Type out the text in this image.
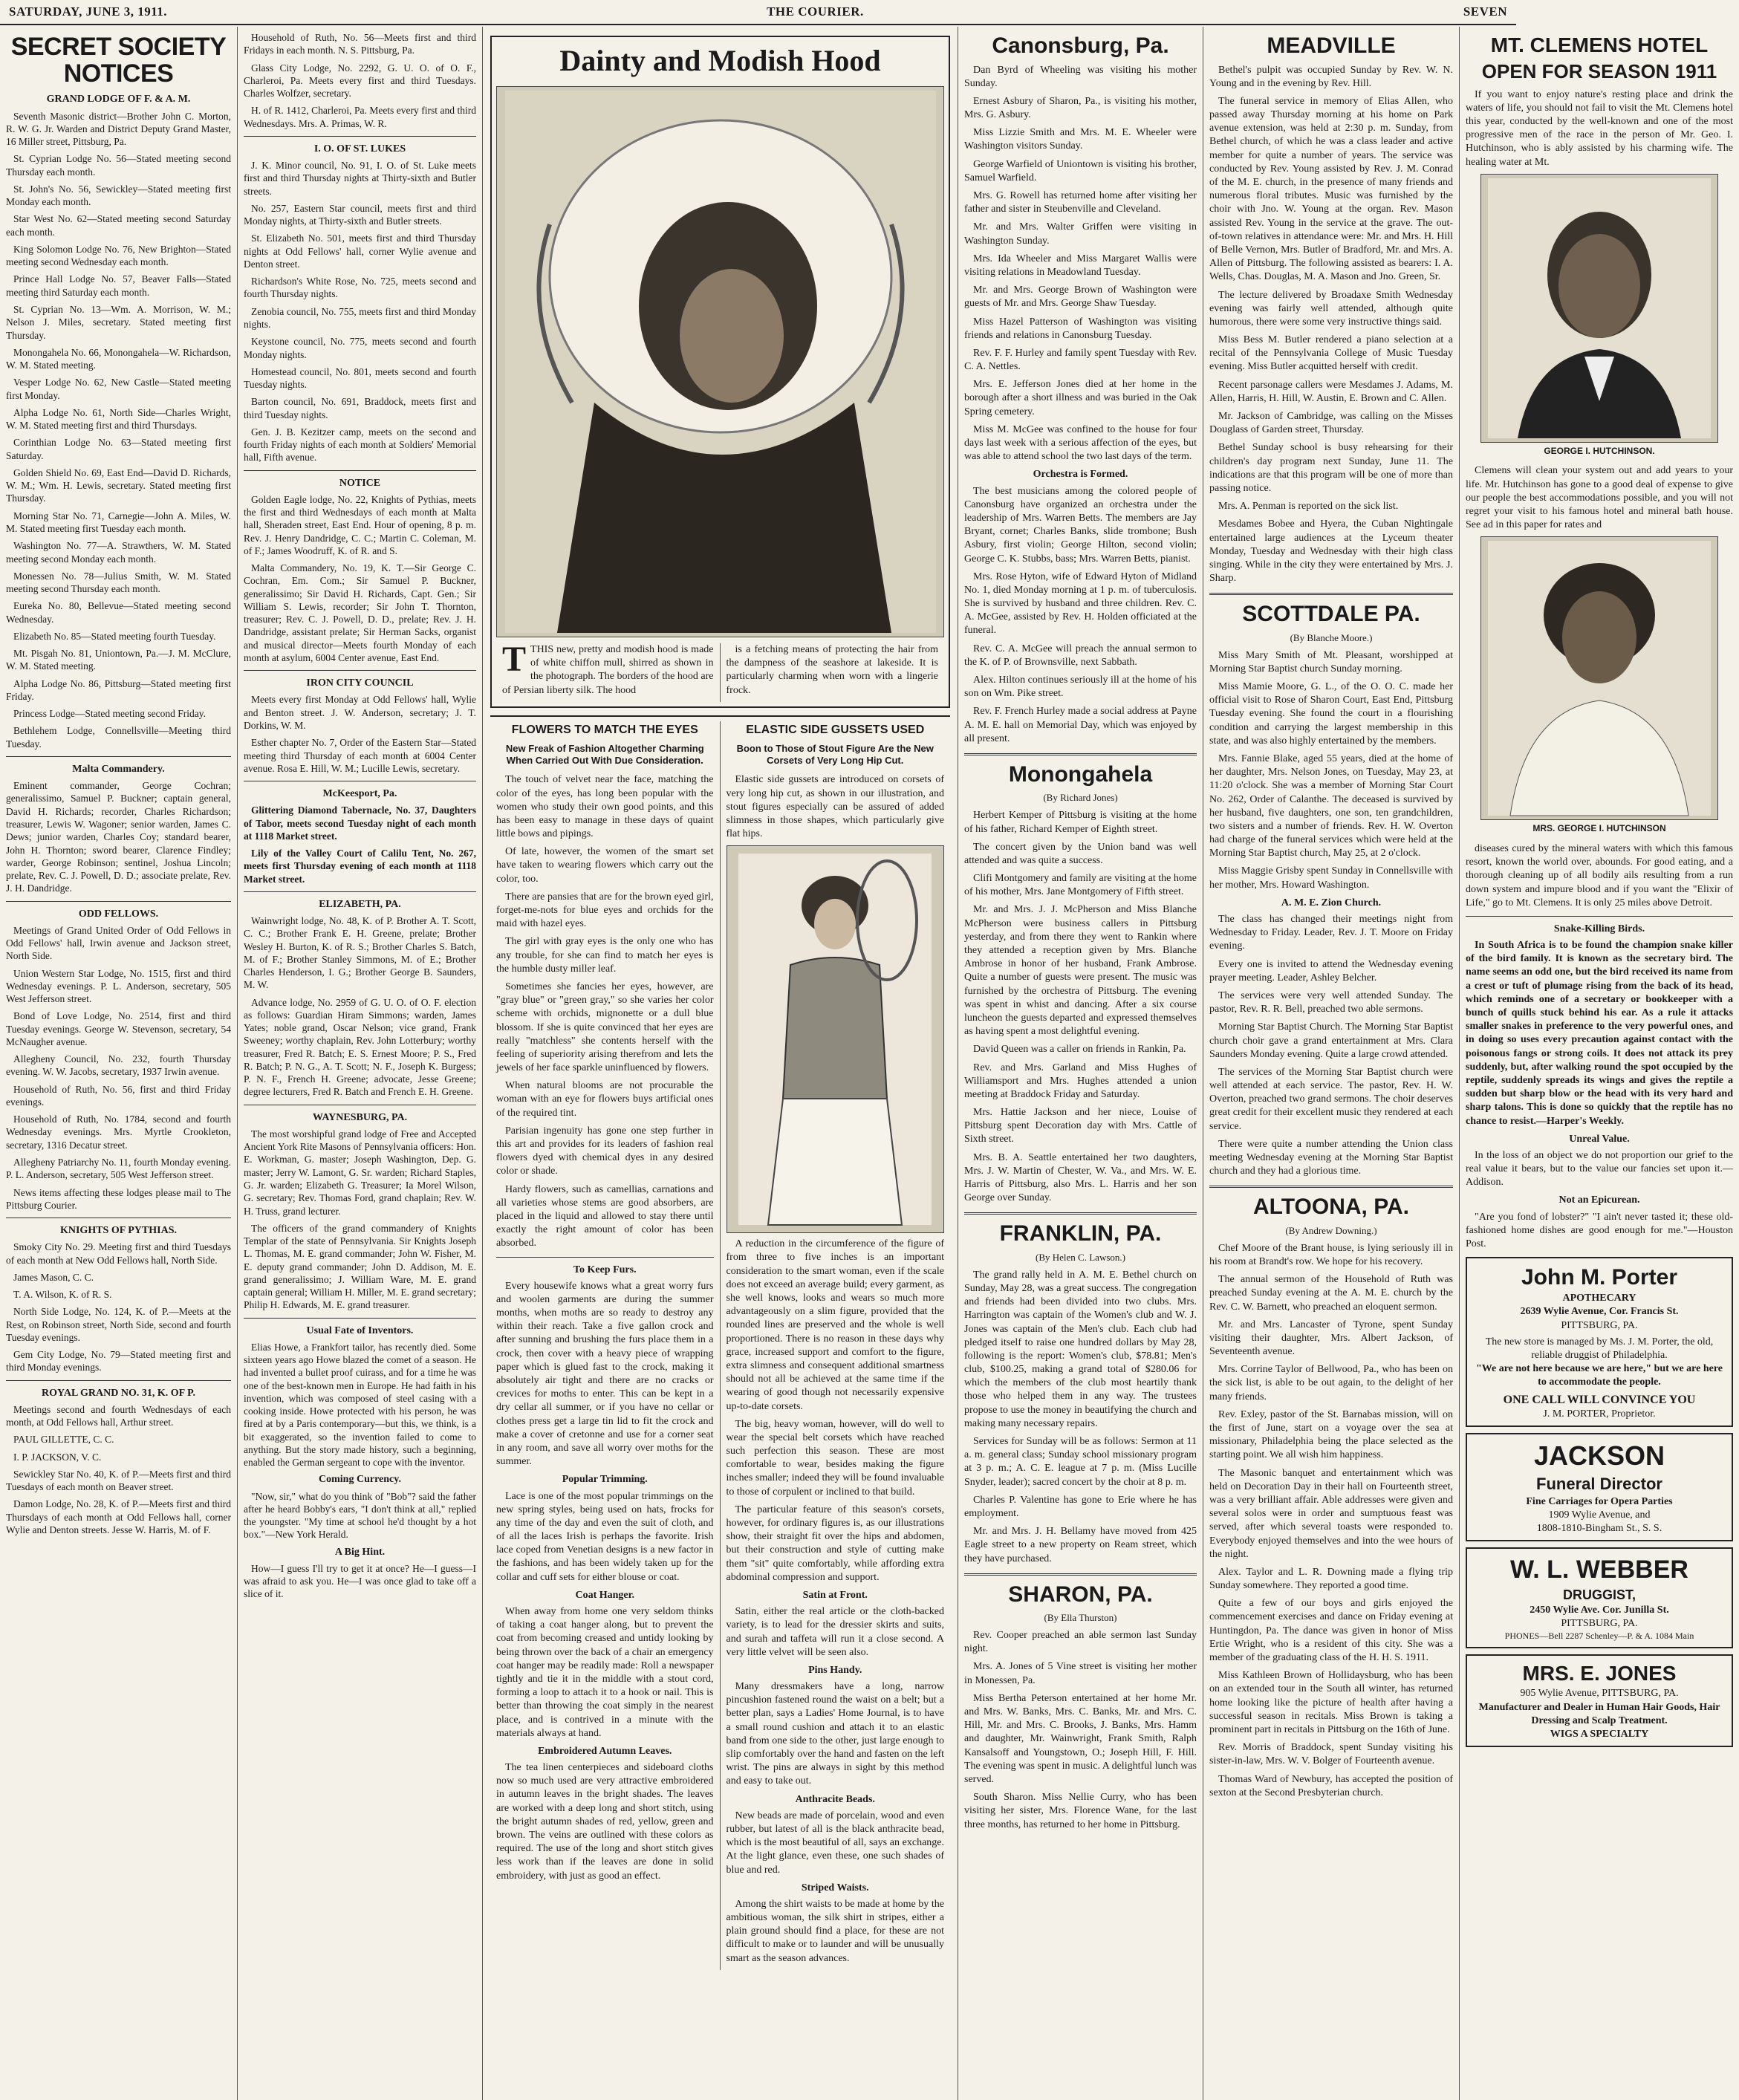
SATURDAY, JUNE 3, 1911.	THE COURIER.	SEVEN
SECRET SOCIETY NOTICES
GRAND LODGE OF F. & A. M.

Seventh Masonic district—Brother John C. Morton, R. W. G. Jr. Warden and District Deputy Grand Master, 16 Miller street, Pittsburg, Pa.

St. Cyprian Lodge No. 56—Stated meeting second Thursday each month.

St. John's No. 56, Sewickley—Stated meeting first Monday each month.

Star West No. 62—Stated meeting second Saturday each month.

King Solomon Lodge No. 76, New Brighton—Stated meeting second Wednesday each month.

Prince Hall Lodge No. 57, Beaver Falls—Stated meeting third Saturday each month.

St. Cyprian No. 13—Wm. A. Morrison, W. M.; Nelson J. Miles, secretary. Stated meeting first Thursday.

Monongahela No. 66, Monongahela—W. Richardson, W. M. Stated meeting.

Vesper Lodge No. 62, New Castle—Stated meeting first Monday.

Alpha Lodge No. 61, North Side—Charles Wright, W. M. Stated meeting first and third Thursdays.

Corinthian Lodge No. 63—Stated meeting first Saturday.

Golden Shield No. 69, East End—David D. Richards, W. M.; Wm. H. Lewis, secretary. Stated meeting first Thursday.

Morning Star No. 71, Carnegie—John A. Miles, W. M. Stated meeting first Tuesday each month.

Washington No. 77—A. Strawthers, W. M. Stated meeting second Monday each month.

Monessen No. 78—Julius Smith, W. M. Stated meeting second Thursday each month.

Eureka No. 80, Bellevue—Stated meeting second Wednesday.

Elizabeth No. 85—Stated meeting fourth Tuesday.

Mt. Pisgah No. 81, Uniontown, Pa.—J. M. McClure, W. M. Stated meeting.

Alpha Lodge No. 86, Pittsburg—Stated meeting first Friday.

Princess Lodge—Stated meeting second Friday.

Bethlehem Lodge, Connellsville—Meeting third Tuesday.

Malta Commandery.

Eminent commander, George Cochran; generalissimo, Samuel P. Buckner; captain general, David H. Richards; recorder, Charles Richardson; treasurer, Lewis W. Wagoner; senior warden, James C. Dews; junior warden, Charles Coy; standard bearer, John H. Thornton; sword bearer, Clarence Findley; warder, George Robinson; sentinel, Joshua Lincoln; prelate, Rev. C. J. Powell, D. D.; associate prelate, Rev. J. H. Dandridge.

ODD FELLOWS.

Meetings of Grand United Order of Odd Fellows in Odd Fellows' hall, Irwin avenue and Jackson street, North Side.

Union Western Star Lodge, No. 1515, first and third Wednesday evenings. P. L. Anderson, secretary, 505 West Jefferson street.

Bond of Love Lodge, No. 2514, first and third Tuesday evenings. George W. Stevenson, secretary, 54 McNaugher avenue.

Allegheny Council, No. 232, fourth Thursday evening. W. W. Jacobs, secretary, 1937 Irwin avenue.

Household of Ruth, No. 56, first and third Friday evenings.

Household of Ruth, No. 1784, second and fourth Wednesday evenings. Mrs. Myrtle Crookleton, secretary, 1316 Decatur street.

Allegheny Patriarchy No. 11, fourth Monday evening. P. L. Anderson, secretary, 505 West Jefferson street.

News items affecting these lodges please mail to The Pittsburg Courier.

KNIGHTS OF PYTHIAS.

Smoky City No. 29. Meeting first and third Tuesdays of each month at New Odd Fellows hall, North Side.

James Mason, C. C.

T. A. Wilson, K. of R. S.

North Side Lodge, No. 124, K. of P.—Meets at the Rest, on Robinson street, North Side, second and fourth Tuesday evenings.

Gem City Lodge, No. 79—Stated meeting first and third Monday evenings.

ROYAL GRAND NO. 31, K. OF P.

Meetings second and fourth Wednesdays of each month, at Odd Fellows hall, Arthur street.

PAUL GILLETTE, C. C.

I. P. JACKSON, V. C.

Sewickley Star No. 40, K. of P.—Meets first and third Tuesdays of each month on Beaver street.

Damon Lodge, No. 28, K. of P.—Meets first and third Thursdays of each month at Odd Fellows hall, corner Wylie and Denton streets. Jesse W. Harris, M. of F.

Household of Ruth, No. 56—Meets first and third Fridays in each month. N. S. Pittsburg, Pa.

Glass City Lodge, No. 2292, G. U. O. of O. F., Charleroi, Pa. Meets every first and third Tuesdays. Charles Wolfzer, secretary.

H. of R. 1412, Charleroi, Pa. Meets every first and third Wednesdays. Mrs. A. Primas, W. R.

I. O. OF ST. LUKES

J. K. Minor council, No. 91, I. O. of St. Luke meets first and third Thursday nights at Thirty-sixth and Butler streets.

No. 257, Eastern Star council, meets first and third Monday nights, at Thirty-sixth and Butler streets.

St. Elizabeth No. 501, meets first and third Thursday nights at Odd Fellows' hall, corner Wylie avenue and Denton street.

Richardson's White Rose, No. 725, meets second and fourth Thursday nights.

Zenobia council, No. 755, meets first and third Monday nights.

Keystone council, No. 775, meets second and fourth Monday nights.

Homestead council, No. 801, meets second and fourth Tuesday nights.

Barton council, No. 691, Braddock, meets first and third Tuesday nights.

Gen. J. B. Kezitzer camp, meets on the second and fourth Friday nights of each month at Soldiers' Memorial hall, Fifth avenue.

NOTICE

Golden Eagle lodge, No. 22, Knights of Pythias, meets the first and third Wednesdays of each month at Malta hall, Sheraden street, East End. Hour of opening, 8 p. m. Rev. J. Henry Dandridge, C. C.; Martin C. Coleman, M. of F.; James Woodruff, K. of R. and S.

Malta Commandery, No. 19, K. T.—Sir George C. Cochran, Em. Com.; Sir Samuel P. Buckner, generalissimo; Sir David H. Richards, Capt. Gen.; Sir William S. Lewis, recorder; Sir John T. Thornton, treasurer; Rev. C. J. Powell, D. D., prelate; Rev. J. H. Dandridge, assistant prelate; Sir Herman Sacks, organist and musical director—Meets fourth Monday of each month at asylum, 6004 Center avenue, East End.

IRON CITY COUNCIL

Meets every first Monday at Odd Fellows' hall, Wylie and Benton street. J. W. Anderson, secretary; J. T. Dorkins, W. M.

Esther chapter No. 7, Order of the Eastern Star—Stated meeting third Thursday of each month at 6004 Center avenue. Rosa E. Hill, W. M.; Lucille Lewis, secretary.

McKeesport, Pa.

Glittering Diamond Tabernacle, No. 37, Daughters of Tabor, meets second Tuesday night of each month at 1118 Market street.

Lily of the Valley Court of Calilu Tent, No. 267, meets first Thursday evening of each month at 1118 Market street.

ELIZABETH, PA.

Wainwright lodge, No. 48, K. of P. Brother A. T. Scott, C. C.; Brother Frank E. H. Greene, prelate; Brother Wesley H. Burton, K. of R. S.; Brother Charles S. Batch, M. of F.; Brother Stanley Simmons, M. of E.; Brother Charles Henderson, I. G.; Brother George B. Saunders, M. W.

Advance lodge, No. 2959 of G. U. O. of O. F. election as follows: Guardian Hiram Simmons; warden, James Yates; noble grand, Oscar Nelson; vice grand, Frank Sweeney; worthy chaplain, Rev. John Lotterbury; worthy treasurer, Fred R. Batch; E. S. Ernest Moore; P. S., Fred R. Batch; P. N. G., A. T. Scott; N. F., Joseph K. Burgess; P. N. F., French H. Greene; advocate, Jesse Greene; degree lecturers, Fred R. Batch and French E. H. Greene.

WAYNESBURG, PA.

The most worshipful grand lodge of Free and Accepted Ancient York Rite Masons of Pennsylvania officers: Hon. E. Workman, G. master; Joseph Washington, Dep. G. master; Jerry W. Lamont, G. Sr. warden; Richard Staples, G. Jr. warden; Elizabeth G. Treasurer; Ia Morel Wilson, G. secretary; Rev. Thomas Ford, grand chaplain; Rev. W. H. Truss, grand lecturer.

The officers of the grand commandery of Knights Templar of the state of Pennsylvania. Sir Knights Joseph L. Thomas, M. E. grand commander; John W. Fisher, M. E. deputy grand commander; John D. Addison, M. E. grand generalissimo; J. William Ware, M. E. grand captain general; William H. Miller, M. E. grand secretary; Philip H. Edwards, M. E. grand treasurer.

Usual Fate of Inventors.

Elias Howe, a Frankfort tailor, has recently died. Some sixteen years ago Howe blazed the comet of a season. He had invented a bullet proof cuirass, and for a time he was one of the best-known men in Europe. He had faith in his invention, which was composed of steel casing with a cooking inside. Howe protected with his person, he was fired at by a Paris contemporary—but this, we think, is a bit exaggerated, so the invention failed to come to anything. But the story made history, such a beginning, enabled the German sergeant to cope with the inventor.

Coming Currency.

"Now, sir," what do you think of "Bob"? said the father after he heard Bobby's ears, "I don't think at all," replied the youngster. "My time at school he'd thought by a hot box."—New York Herald.

A Big Hint.

How—I guess I'll try to get it at once? He—I guess—I was afraid to ask you. He—I was once glad to take off a slice of it.

Dainty and Modish Hood

TTHIS new, pretty and modish hood is made of white chiffon mull, shirred as shown in the photograph. The borders of the hood are of Persian liberty silk. The hood

is a fetching means of protecting the hair from the dampness of the seashore at lakeside. It is particularly charming when worn with a lingerie frock.

FLOWERS TO MATCH THE EYES
New Freak of Fashion Altogether Charming When Carried Out With Due Consideration.

The touch of velvet near the face, matching the color of the eyes, has long been popular with the women who study their own good points, and this has been easy to manage in these days of quaint little bows and pipings.

Of late, however, the women of the smart set have taken to wearing flowers which carry out the color, too.

There are pansies that are for the brown eyed girl, forget-me-nots for blue eyes and orchids for the maid with hazel eyes.

The girl with gray eyes is the only one who has any trouble, for she can find to match her eyes is the humble dusty miller leaf.

Sometimes she fancies her eyes, however, are "gray blue" or "green gray," so she varies her color scheme with orchids, mignonette or a dull blue blossom. If she is quite convinced that her eyes are really "matchless" she contents herself with the feeling of superiority arising therefrom and lets the jewels of her face sparkle uninfluenced by flowers.

When natural blooms are not procurable the woman with an eye for flowers buys artificial ones of the required tint.

Parisian ingenuity has gone one step further in this art and provides for its leaders of fashion real flowers dyed with chemical dyes in any desired color or shade.

Hardy flowers, such as camellias, carnations and all varieties whose stems are good absorbers, are placed in the liquid and allowed to stay there until exactly the right amount of color has been absorbed.

To Keep Furs.

Every housewife knows what a great worry furs and woolen garments are during the summer months, when moths are so ready to destroy any within their reach. Take a five gallon crock and after sunning and brushing the furs place them in a crock, then cover with a heavy piece of wrapping paper which is glued fast to the crock, making it absolutely air tight and there are no cracks or crevices for moths to enter. This can be kept in a dry cellar all summer, or if you have no cellar or clothes press get a large tin lid to fit the crock and make a cover of cretonne and use for a corner seat in any room, and save all worry over moths for the summer.

Popular Trimming.

Lace is one of the most popular trimmings on the new spring styles, being used on hats, frocks for any time of the day and even the suit of cloth, and of all the laces Irish is perhaps the favorite. Irish lace coped from Venetian designs is a new factor in the fashions, and has been widely taken up for the collar and cuff sets for either blouse or coat.

Coat Hanger.

When away from home one very seldom thinks of taking a coat hanger along, but to prevent the coat from becoming creased and untidy looking by being thrown over the back of a chair an emergency coat hanger may be readily made: Roll a newspaper tightly and tie it in the middle with a stout cord, forming a loop to attach it to a hook or nail. This is better than throwing the coat simply in the nearest place, and is contrived in a minute with the materials always at hand.

Embroidered Autumn Leaves.

The tea linen centerpieces and sideboard cloths now so much used are very attractive embroidered in autumn leaves in the bright shades. The leaves are worked with a deep long and short stitch, using the bright autumn shades of red, yellow, green and brown. The veins are outlined with these colors as required. The use of the long and short stitch gives less work than if the leaves are done in solid embroidery, with just as good an effect.

ELASTIC SIDE GUSSETS USED
Boon to Those of Stout Figure Are the New Corsets of Very Long Hip Cut.

Elastic side gussets are introduced on corsets of very long hip cut, as shown in our illustration, and stout figures especially can be assured of added slimness in those shapes, which particularly give flat hips.

A reduction in the circumference of the figure of from three to five inches is an important consideration to the smart woman, even if the scale does not exceed an average build; every garment, as she well knows, looks and wears so much more advantageously on a slim figure, provided that the rounded lines are preserved and the whole is well proportioned. There is no reason in these days why grace, increased support and comfort to the figure, extra slimness and consequent additional smartness should not all be achieved at the same time if the wearing of good though not necessarily expensive up-to-date corsets.

The big, heavy woman, however, will do well to wear the special belt corsets which have reached such perfection this season. These are most comfortable to wear, besides making the figure inches smaller; indeed they will be found invaluable to those of corpulent or inclined to that build.

The particular feature of this season's corsets, however, for ordinary figures is, as our illustrations show, their straight fit over the hips and abdomen, but their construction and style of cutting make them "sit" quite comfortably, while affording extra abdominal compression and support.

Satin at Front.

Satin, either the real article or the cloth-backed variety, is to lead for the dressier skirts and suits, and surah and taffeta will run it a close second. A very little velvet will be seen also.

Pins Handy.

Many dressmakers have a long, narrow pincushion fastened round the waist on a belt; but a better plan, says a Ladies' Home Journal, is to have a small round cushion and attach it to an elastic band from one side to the other, just large enough to slip comfortably over the hand and fasten on the left wrist. The pins are always in sight by this method and easy to take out.

Anthracite Beads.

New beads are made of porcelain, wood and even rubber, but latest of all is the black anthracite bead, which is the most beautiful of all, says an exchange. At the light glance, even these, one such shades of blue and red.

Striped Waists.

Among the shirt waists to be made at home by the ambitious woman, the silk shirt in stripes, either a plain ground should find a place, for these are not difficult to make or to launder and will be unusually smart as the season advances.

Canonsburg, Pa.

Dan Byrd of Wheeling was visiting his mother Sunday.

Ernest Asbury of Sharon, Pa., is visiting his mother, Mrs. G. Asbury.

Miss Lizzie Smith and Mrs. M. E. Wheeler were Washington visitors Sunday.

George Warfield of Uniontown is visiting his brother, Samuel Warfield.

Mrs. G. Rowell has returned home after visiting her father and sister in Steubenville and Cleveland.

Mr. and Mrs. Walter Griffen were visiting in Washington Sunday.

Mrs. Ida Wheeler and Miss Margaret Wallis were visiting relations in Meadowland Tuesday.

Mr. and Mrs. George Brown of Washington were guests of Mr. and Mrs. George Shaw Tuesday.

Miss Hazel Patterson of Washington was visiting friends and relations in Canonsburg Tuesday.

Rev. F. F. Hurley and family spent Tuesday with Rev. C. A. Nettles.

Mrs. E. Jefferson Jones died at her home in the borough after a short illness and was buried in the Oak Spring cemetery.

Miss M. McGee was confined to the house for four days last week with a serious affection of the eyes, but was able to attend school the two last days of the term.

Orchestra is Formed.

The best musicians among the colored people of Canonsburg have organized an orchestra under the leadership of Mrs. Warren Betts. The members are Jay Bryant, cornet; Charles Banks, slide trombone; Bush Asbury, first violin; George Hilton, second violin; George C. K. Stubbs, bass; Mrs. Warren Betts, pianist.

Mrs. Rose Hyton, wife of Edward Hyton of Midland No. 1, died Monday morning at 1 p. m. of tuberculosis. She is survived by husband and three children. Rev. C. A. McGee, assisted by Rev. H. Holden officiated at the funeral.

Rev. C. A. McGee will preach the annual sermon to the K. of P. of Brownsville, next Sabbath.

Alex. Hilton continues seriously ill at the home of his son on Wm. Pike street.

Rev. F. French Hurley made a social address at Payne A. M. E. hall on Memorial Day, which was enjoyed by all present.

Monongahela
(By Richard Jones)

Herbert Kemper of Pittsburg is visiting at the home of his father, Richard Kemper of Eighth street.

The concert given by the Union band was well attended and was quite a success.

Clifi Montgomery and family are visiting at the home of his mother, Mrs. Jane Montgomery of Fifth street.

Mr. and Mrs. J. J. McPherson and Miss Blanche McPherson were business callers in Pittsburg yesterday, and from there they went to Rankin where they attended a reception given by Mrs. Blanche Ambrose in honor of her husband, Frank Ambrose. Quite a number of guests were present. The music was furnished by the orchestra of Pittsburg. The evening was spent in whist and dancing. After a six course luncheon the guests departed and expressed themselves as having spent a most delightful evening.

David Queen was a caller on friends in Rankin, Pa.

Rev. and Mrs. Garland and Miss Hughes of Williamsport and Mrs. Hughes attended a union meeting at Braddock Friday and Saturday.

Mrs. Hattie Jackson and her niece, Louise of Pittsburg spent Decoration day with Mrs. Cattle of Sixth street.

Mrs. B. A. Seattle entertained her two daughters, Mrs. J. W. Martin of Chester, W. Va., and Mrs. W. E. Harris of Pittsburg, also Mrs. L. Harris and her son George over Sunday.

FRANKLIN, PA.
(By Helen C. Lawson.)

The grand rally held in A. M. E. Bethel church on Sunday, May 28, was a great success. The congregation and friends had been divided into two clubs. Mrs. Harrington was captain of the Women's club and W. J. Jones was captain of the Men's club. Each club had pledged itself to raise one hundred dollars by May 28, following is the report: Women's club, $78.81; Men's club, $100.25, making a grand total of $280.06 for which the members of the club most heartily thank those who helped them in any way. The trustees propose to use the money in beautifying the church and making many necessary repairs.

Services for Sunday will be as follows: Sermon at 11 a. m. general class; Sunday school missionary program at 3 p. m.; A. C. E. league at 7 p. m. (Miss Lucille Snyder, leader); sacred concert by the choir at 8 p. m.

Charles P. Valentine has gone to Erie where he has employment.

Mr. and Mrs. J. H. Bellamy have moved from 425 Eagle street to a new property on Ream street, which they have purchased.

SHARON, PA.
(By Ella Thurston)

Rev. Cooper preached an able sermon last Sunday night.

Mrs. A. Jones of 5 Vine street is visiting her mother in Monessen, Pa.

Miss Bertha Peterson entertained at her home Mr. and Mrs. W. Banks, Mrs. C. Banks, Mr. and Mrs. C. Hill, Mr. and Mrs. C. Brooks, J. Banks, Mrs. Hamm and daughter, Mr. Wainwright, Frank Smith, Ralph Kansalsoff and Youngstown, O.; Joseph Hill, F. Hill. The evening was spent in music. A delightful lunch was served.

South Sharon. Miss Nellie Curry, who has been visiting her sister, Mrs. Florence Wane, for the last three months, has returned to her home in Pittsburg.

MEADVILLE

Bethel's pulpit was occupied Sunday by Rev. W. N. Young and in the evening by Rev. Hill.

The funeral service in memory of Elias Allen, who passed away Thursday morning at his home on Park avenue extension, was held at 2:30 p. m. Sunday, from Bethel church, of which he was a class leader and active member for quite a number of years. The service was conducted by Rev. Young assisted by Rev. J. M. Conrad of the M. E. church, in the presence of many friends and numerous floral tributes. Music was furnished by the choir with Jno. W. Young at the organ. Rev. Mason assisted Rev. Young in the service at the grave. The out-of-town relatives in attendance were: Mr. and Mrs. H. Hill of Belle Vernon, Mrs. Butler of Bradford, Mr. and Mrs. A. Allen of Pittsburg. The following assisted as bearers: I. A. Wells, Chas. Douglas, M. A. Mason and Jno. Green, Sr.

The lecture delivered by Broadaxe Smith Wednesday evening was fairly well attended, although quite humorous, there were some very instructive things said.

Miss Bess M. Butler rendered a piano selection at a recital of the Pennsylvania College of Music Tuesday evening. Miss Butler acquitted herself with credit.

Recent parsonage callers were Mesdames J. Adams, M. Allen, Harris, H. Hill, W. Austin, E. Brown and C. Allen.

Mr. Jackson of Cambridge, was calling on the Misses Douglass of Garden street, Thursday.

Bethel Sunday school is busy rehearsing for their children's day program next Sunday, June 11. The indications are that this program will be one of more than passing notice.

Mrs. A. Penman is reported on the sick list.

Mesdames Bobee and Hyera, the Cuban Nightingale entertained large audiences at the Lyceum theater Monday, Tuesday and Wednesday with their high class singing. While in the city they were entertained by Mrs. J. Sharp.

SCOTTDALE PA.
(By Blanche Moore.)

Miss Mary Smith of Mt. Pleasant, worshipped at Morning Star Baptist church Sunday morning.

Miss Mamie Moore, G. L., of the O. O. C. made her official visit to Rose of Sharon Court, East End, Pittsburg Tuesday evening. She found the court in a flourishing condition and carrying the largest membership in this state, and was also highly entertained by the members.

Mrs. Fannie Blake, aged 55 years, died at the home of her daughter, Mrs. Nelson Jones, on Tuesday, May 23, at 11:20 o'clock. She was a member of Morning Star Court No. 262, Order of Calanthe. The deceased is survived by her husband, five daughters, one son, ten grandchildren, two sisters and a number of friends. Rev. H. W. Overton had charge of the funeral services which were held at the Morning Star Baptist church, May 25, at 2 o'clock.

Miss Maggie Grisby spent Sunday in Connellsville with her mother, Mrs. Howard Washington.

A. M. E. Zion Church.

The class has changed their meetings night from Wednesday to Friday. Leader, Rev. J. T. Moore on Friday evening.

Every one is invited to attend the Wednesday evening prayer meeting. Leader, Ashley Belcher.

The services were very well attended Sunday. The pastor, Rev. R. R. Bell, preached two able sermons.

Morning Star Baptist Church. The Morning Star Baptist church choir gave a grand entertainment at Mrs. Clara Saunders Monday evening. Quite a large crowd attended.

The services of the Morning Star Baptist church were well attended at each service. The pastor, Rev. H. W. Overton, preached two grand sermons. The choir deserves great credit for their excellent music they rendered at each service.

There were quite a number attending the Union class meeting Wednesday evening at the Morning Star Baptist church and they had a glorious time.

ALTOONA, PA.
(By Andrew Downing.)

Chef Moore of the Brant house, is lying seriously ill in his room at Brandt's row. We hope for his recovery.

The annual sermon of the Household of Ruth was preached Sunday evening at the A. M. E. church by the Rev. C. W. Barnett, who preached an eloquent sermon.

Mr. and Mrs. Lancaster of Tyrone, spent Sunday visiting their daughter, Mrs. Albert Jackson, of Seventeenth avenue.

Mrs. Corrine Taylor of Bellwood, Pa., who has been on the sick list, is able to be out again, to the delight of her many friends.

Rev. Exley, pastor of the St. Barnabas mission, will on the first of June, start on a voyage over the sea at missionary, Philadelphia being the place selected as the starting point. We all wish him happiness.

The Masonic banquet and entertainment which was held on Decoration Day in their hall on Fourteenth street, was a very brilliant affair. Able addresses were given and several solos were in order and sumptuous feast was served, after which several toasts were responded to. Everybody enjoyed themselves and into the wee hours of the night.

Alex. Taylor and L. R. Downing made a flying trip Sunday somewhere. They reported a good time.

Quite a few of our boys and girls enjoyed the commencement exercises and dance on Friday evening at Huntingdon, Pa. The dance was given in honor of Miss Ertie Wright, who is a resident of this city. She was a member of the graduating class of the H. H. S. 1911.

Miss Kathleen Brown of Hollidaysburg, who has been on an extended tour in the South all winter, has returned home looking like the picture of health after having a successful season in recitals. Miss Brown is taking a prominent part in recitals in Pittsburg on the 16th of June.

Rev. Morris of Braddock, spent Sunday visiting his sister-in-law, Mrs. W. V. Bolger of Fourteenth avenue.

Thomas Ward of Newbury, has accepted the position of sexton at the Second Presbyterian church.

MT. CLEMENS HOTEL
OPEN FOR SEASON 1911

If you want to enjoy nature's resting place and drink the waters of life, you should not fail to visit the Mt. Clemens hotel this year, conducted by the well-known and one of the most progressive men of the race in the person of Mr. Geo. I. Hutchinson, who is ably assisted by his charming wife. The healing water at Mt.

GEORGE I. HUTCHINSON.

Clemens will clean your system out and add years to your life. Mr. Hutchinson has gone to a good deal of expense to give our people the best accommodations possible, and you will not regret your visit to his famous hotel and mineral bath house. See ad in this paper for rates and

MRS. GEORGE I. HUTCHINSON

diseases cured by the mineral waters with which this famous resort, known the world over, abounds. For good eating, and a thorough cleaning up of all bodily ails resulting from a run down system and impure blood and if you want the "Elixir of Life," go to Mt. Clemens. It is only 25 miles above Detroit.

Snake-Killing Birds.

In South Africa is to be found the champion snake killer of the bird family. It is known as the secretary bird. The name seems an odd one, but the bird received its name from a crest or tuft of plumage rising from the back of its head, which reminds one of a secretary or bookkeeper with a bunch of quills stuck behind his ear. As a rule it attacks smaller snakes in preference to the very powerful ones, and in doing so uses every precaution against contact with the poisonous fangs or strong coils. It does not attack its prey suddenly, but, after walking round the spot occupied by the reptile, suddenly spreads its wings and gives the reptile a sudden but sharp blow or the head with its very hard and sharp talons. This is done so quickly that the reptile has no chance to resist.—Harper's Weekly.

Unreal Value.

In the loss of an object we do not proportion our grief to the real value it bears, but to the value our fancies set upon it.—Addison.

Not an Epicurean.

"Are you fond of lobster?" "I ain't never tasted it; these old-fashioned home dishes are good enough for me."—Houston Post.

John M. Porter
APOTHECARY
2639 Wylie Avenue, Cor. Francis St.
PITTSBURG, PA.
The new store is managed by Ms. J. M. Porter, the old, reliable druggist of Philadelphia.
"We are not here because we are here," but we are here to accommodate the people.
ONE CALL WILL CONVINCE YOU
J. M. PORTER, Proprietor.
JACKSON
Funeral Director
Fine Carriages for Opera Parties
1909 Wylie Avenue, and
1808-1810-Bingham St., S. S.
W. L. WEBBER
DRUGGIST,
2450 Wylie Ave. Cor. Junilla St.
PITTSBURG, PA.
PHONES—Bell 2287 Schenley—P. & A. 1084 Main
MRS. E. JONES
905 Wylie Avenue, PITTSBURG, PA.
Manufacturer and Dealer in Human Hair Goods, Hair Dressing and Scalp Treatment.
WIGS A SPECIALTY
